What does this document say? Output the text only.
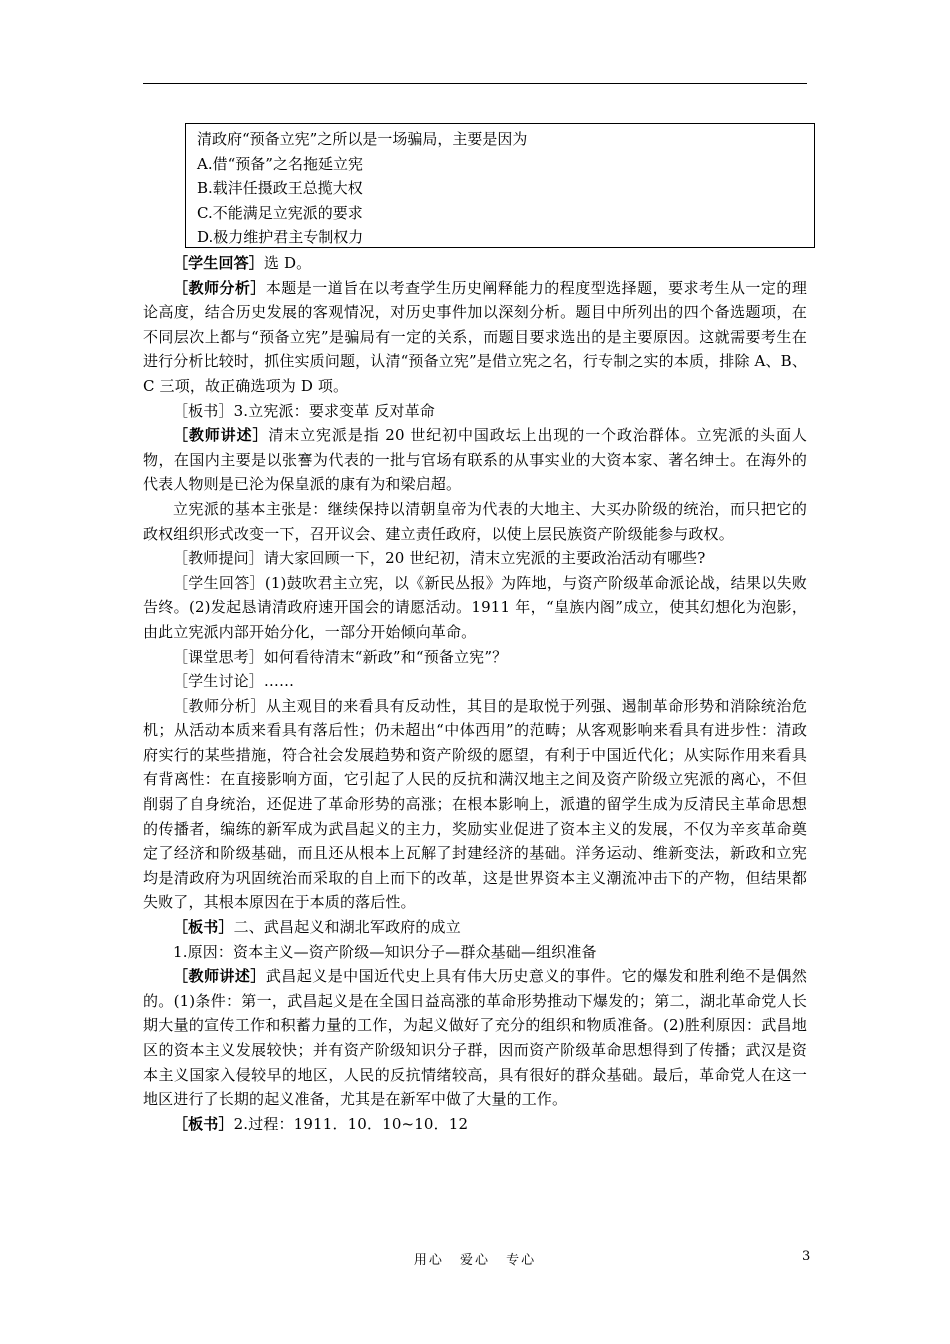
清政府“预备立宪”之所以是一场骗局，主要是因为
A.借“预备”之名拖延立宪
B.载沣任摄政王总揽大权
C.不能满足立宪派的要求
D.极力维护君主专制权力

［学生回答］选 D。

［教师分析］本题是一道旨在以考查学生历史阐释能力的程度型选择题，要求考生从一定的理论高度，结合历史发展的客观情况，对历史事件加以深刻分析。题目中所列出的四个备选题项，在不同层次上都与“预备立宪”是骗局有一定的关系，而题目要求选出的是主要原因。这就需要考生在进行分析比较时，抓住实质问题，认清“预备立宪”是借立宪之名，行专制之实的本质，排除 A、B、C 三项，故正确选项为 D 项。

［板书］3.立宪派：要求变革 反对革命

［教师讲述］清末立宪派是指 20 世纪初中国政坛上出现的一个政治群体。立宪派的头面人物，在国内主要是以张謇为代表的一批与官场有联系的从事实业的大资本家、著名绅士。在海外的代表人物则是已沦为保皇派的康有为和梁启超。

立宪派的基本主张是：继续保持以清朝皇帝为代表的大地主、大买办阶级的统治，而只把它的政权组织形式改变一下，召开议会、建立责任政府，以使上层民族资产阶级能参与政权。

［教师提问］请大家回顾一下，20 世纪初，清末立宪派的主要政治活动有哪些?

［学生回答］(1)鼓吹君主立宪，以《新民丛报》为阵地，与资产阶级革命派论战，结果以失败告终。(2)发起恳请清政府速开国会的请愿活动。1911 年，“皇族内阁”成立，使其幻想化为泡影，由此立宪派内部开始分化，一部分开始倾向革命。

［课堂思考］如何看待清末“新政”和“预备立宪”？

［学生讨论］……

［教师分析］从主观目的来看具有反动性，其目的是取悦于列强、遏制革命形势和消除统治危机；从活动本质来看具有落后性；仍未超出“中体西用”的范畴；从客观影响来看具有进步性：清政府实行的某些措施，符合社会发展趋势和资产阶级的愿望，有利于中国近代化；从实际作用来看具有背离性：在直接影响方面，它引起了人民的反抗和满汉地主之间及资产阶级立宪派的离心，不但削弱了自身统治，还促进了革命形势的高涨；在根本影响上，派遣的留学生成为反清民主革命思想的传播者，编练的新军成为武昌起义的主力，奖励实业促进了资本主义的发展，不仅为辛亥革命奠定了经济和阶级基础，而且还从根本上瓦解了封建经济的基础。洋务运动、维新变法，新政和立宪均是清政府为巩固统治而采取的自上而下的改革，这是世界资本主义潮流冲击下的产物，但结果都失败了，其根本原因在于本质的落后性。

［板书］二、武昌起义和湖北军政府的成立

1.原因：资本主义—资产阶级—知识分子—群众基础—组织准备

［教师讲述］武昌起义是中国近代史上具有伟大历史意义的事件。它的爆发和胜利绝不是偶然的。(1)条件：第一，武昌起义是在全国日益高涨的革命形势推动下爆发的；第二，湖北革命党人长期大量的宣传工作和积蓄力量的工作，为起义做好了充分的组织和物质准备。(2)胜利原因：武昌地区的资本主义发展较快；并有资产阶级知识分子群，因而资产阶级革命思想得到了传播；武汉是资本主义国家入侵较早的地区，人民的反抗情绪较高，具有很好的群众基础。最后，革命党人在这一地区进行了长期的起义准备，尤其是在新军中做了大量的工作。

［板书］2.过程：1911．10．10~10．12

用心 爱心 专心	3
